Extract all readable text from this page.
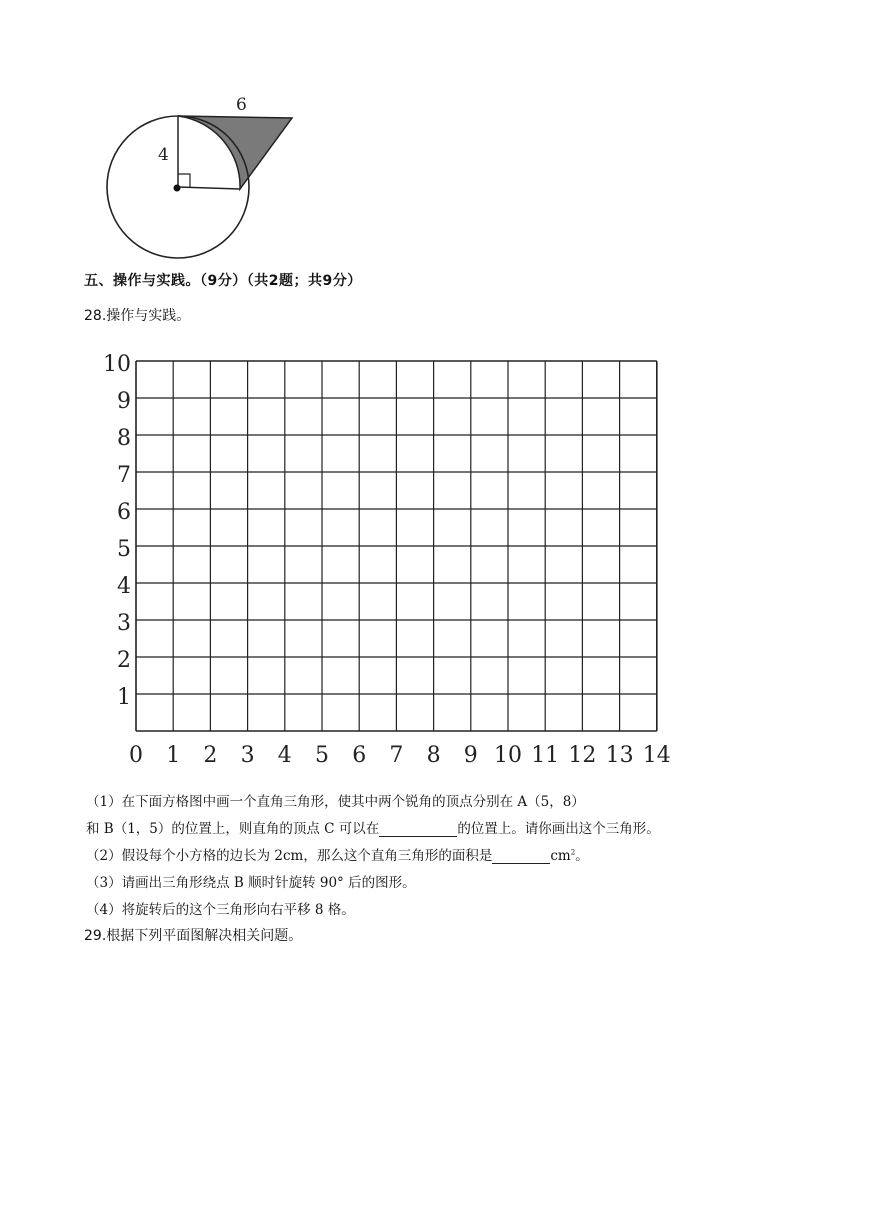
6
4
五、操作与实践。（9分）（共2题；共9分）
28.操作与实践。
0 1 2 3 4 5 6 7 8 9 10 11 12 13 14
10
9
8
7
6
5
4
3
2
1
（1）在下面方格图中画一个直角三角形，使其中两个锐角的顶点分别在 A（5，8）
和 B（1，5）的位置上，则直角的顶点 C 可以在	的位置上。请你画出这个三角形。
（2）假设每个小方格的边长为 2cm，那么这个直角三角形的面积是	$cm^2$。
（3）请画出三角形绕点 B 顺时针旋转 90° 后的图形。
（4）将旋转后的这个三角形向右平移 8 格。
29.根据下列平面图解决相关问题。
